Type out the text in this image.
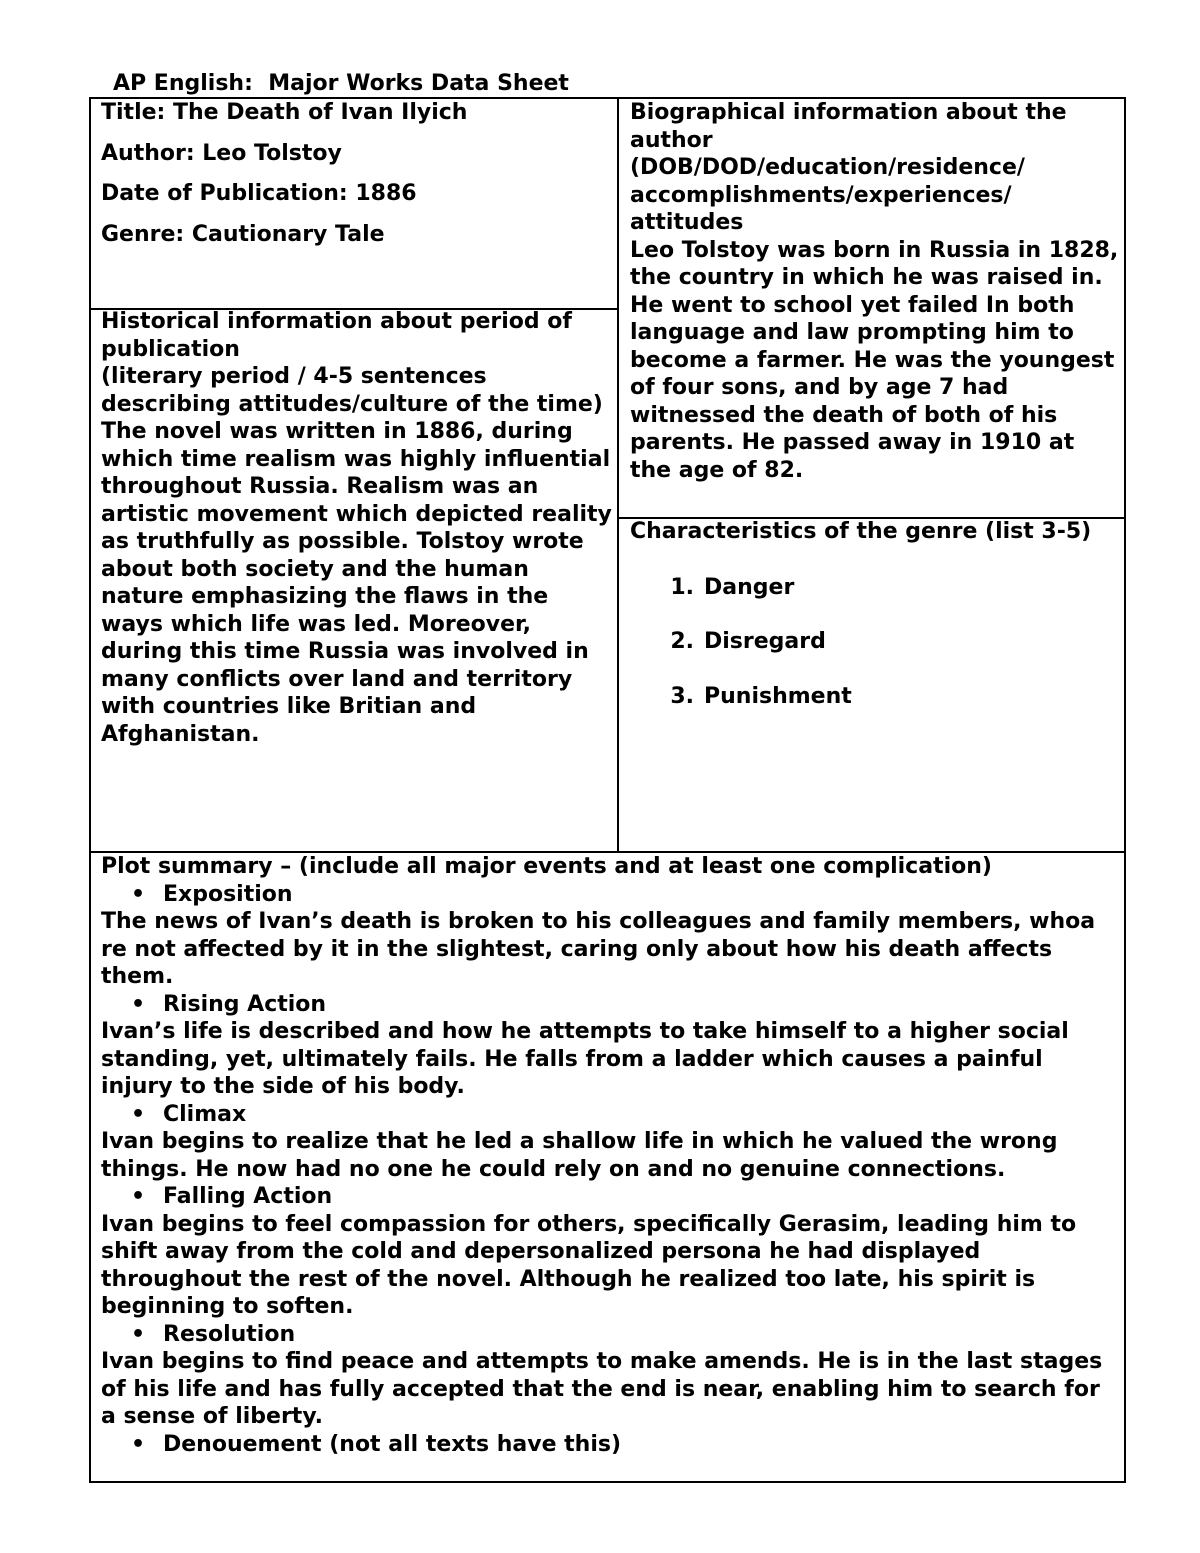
AP English:  Major Works Data Sheet
Title: The Death of Ivan Ilyich
Author: Leo Tolstoy
Date of Publication: 1886
Genre: Cautionary Tale
Historical information about period of publication
(literary period / 4-5 sentences describing attitudes/culture of the time)
The novel was written in 1886, during which time realism was highly influential throughout Russia. Realism was an artistic movement which depicted reality as truthfully as possible. Tolstoy wrote about both society and the human nature emphasizing the flaws in the ways which life was led. Moreover, during this time Russia was involved in many conflicts over land and territory with countries like Britian and Afghanistan.
Biographical information about the author
(DOB/DOD/education/residence/ accomplishments/experiences/ attitudes
Leo Tolstoy was born in Russia in 1828, the country in which he was raised in. He went to school yet failed In both language and law prompting him to become a farmer. He was the youngest of four sons, and by age 7 had witnessed the death of both of his parents. He passed away in 1910 at the age of 82.
Characteristics of the genre (list 3-5)
1. Danger
2. Disregard
3. Punishment
Plot summary – (include all major events and at least one complication)
• Exposition
The news of Ivan’s death is broken to his colleagues and family members, whoa re not affected by it in the slightest, caring only about how his death affects them.
• Rising Action
Ivan’s life is described and how he attempts to take himself to a higher social standing, yet, ultimately fails. He falls from a ladder which causes a painful injury to the side of his body.
• Climax
Ivan begins to realize that he led a shallow life in which he valued the wrong things. He now had no one he could rely on and no genuine connections.
• Falling Action
Ivan begins to feel compassion for others, specifically Gerasim, leading him to shift away from the cold and depersonalized persona he had displayed throughout the rest of the novel. Although he realized too late, his spirit is beginning to soften.
• Resolution
Ivan begins to find peace and attempts to make amends. He is in the last stages of his life and has fully accepted that the end is near, enabling him to search for a sense of liberty.
• Denouement (not all texts have this)
